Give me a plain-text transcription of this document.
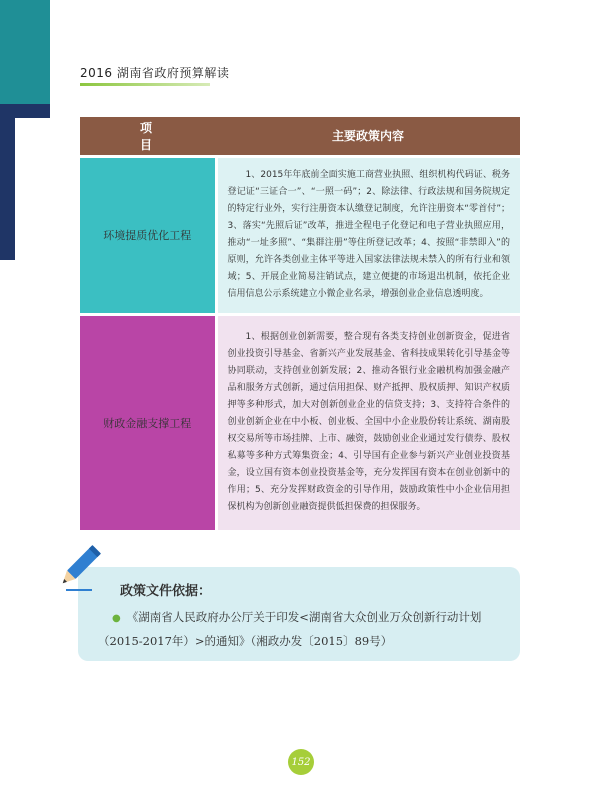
2016 湖南省政府预算解读
项　　目	主要政策内容
环境提质优化工程	1、2015年年底前全面实施工商营业执照、组织机构代码证、税务登记证“三证合一”、“一照一码”；2、除法律、行政法规和国务院规定的特定行业外，实行注册资本认缴登记制度，允许注册资本“零首付”；3、落实“先照后证”改革，推进全程电子化登记和电子营业执照应用，推动“一址多照”、“集群注册”等住所登记改革；4、按照“非禁即入”的原则，允许各类创业主体平等进入国家法律法规未禁入的所有行业和领域；5、开展企业简易注销试点，建立便捷的市场退出机制，依托企业信用信息公示系统建立小微企业名录，增强创业企业信息透明度。

财政金融支撑工程	1、根据创业创新需要，整合现有各类支持创业创新资金，促进省创业投资引导基金、省新兴产业发展基金、省科技成果转化引导基金等协同联动，支持创业创新发展；2、推动各银行业金融机构加强金融产品和服务方式创新，通过信用担保、财产抵押、股权质押、知识产权质押等多种形式，加大对创新创业企业的信贷支持；3、支持符合条件的创业创新企业在中小板、创业板、全国中小企业股份转让系统、湖南股权交易所等市场挂牌、上市、融资，鼓励创业企业通过发行债券、股权私募等多种方式筹集资金；4、引导国有企业参与新兴产业创业投资基金，设立国有资本创业投资基金等，充分发挥国有资本在创业创新中的作用；5、充分发挥财政资金的引导作用，鼓励政策性中小企业信用担保机构为创新创业融资提供低担保费的担保服务。

政策文件依据：
● 《湖南省人民政府办公厅关于印发<湖南省大众创业万众创新行动计划
（2015-2017年）>的通知》（湘政办发〔2015〕89号）
152
